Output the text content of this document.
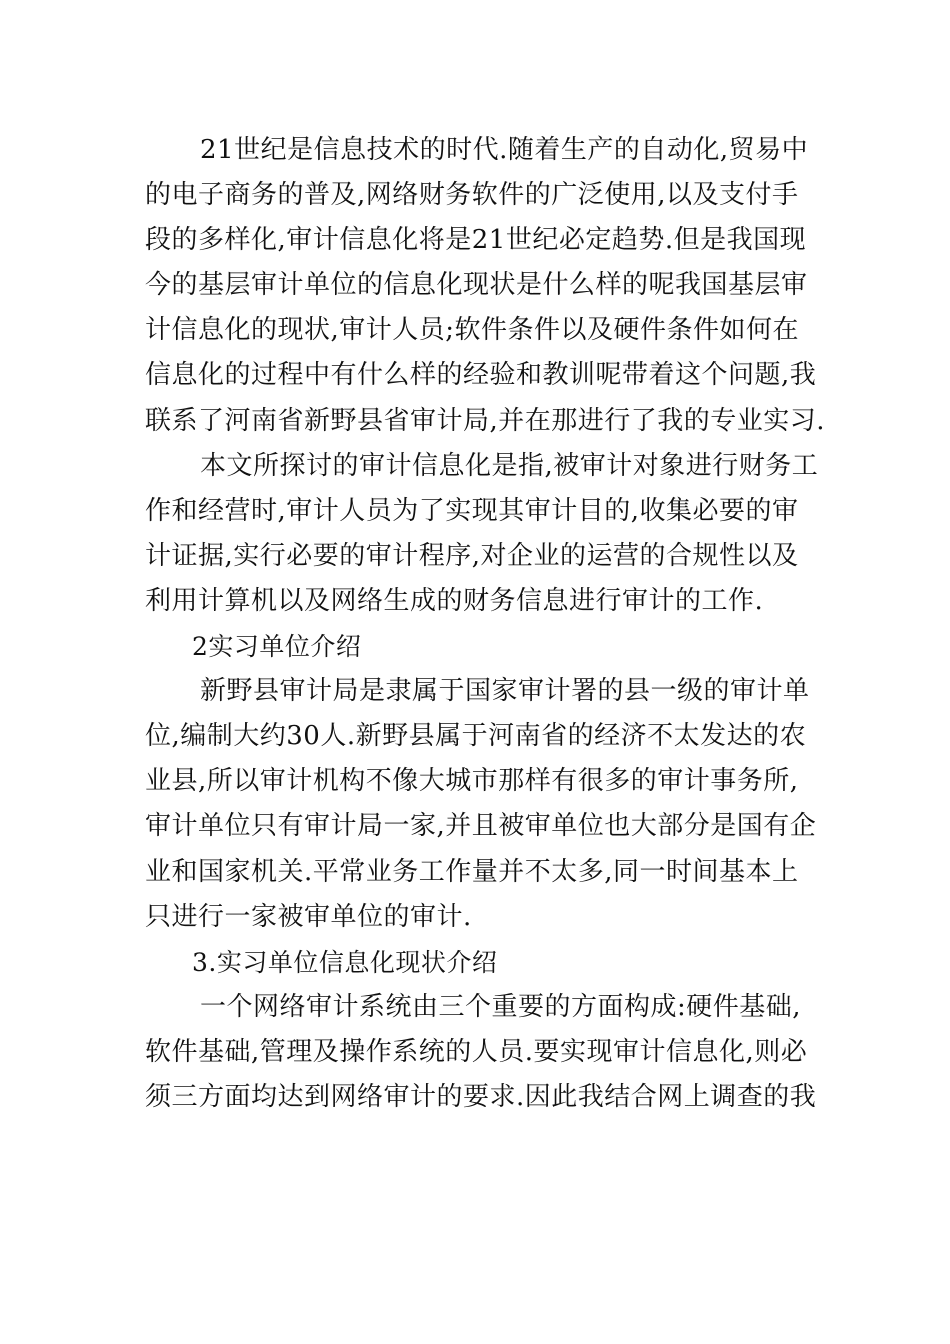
21世纪是信息技术的时代.随着生产的自动化,贸易中
的电子商务的普及,网络财务软件的广泛使用,以及支付手
段的多样化,审计信息化将是21世纪必定趋势.但是我国现
今的基层审计单位的信息化现状是什么样的呢我国基层审
计信息化的现状,审计人员;软件条件以及硬件条件如何在
信息化的过程中有什么样的经验和教训呢带着这个问题,我
联系了河南省新野县省审计局,并在那进行了我的专业实习.
本文所探讨的审计信息化是指,被审计对象进行财务工
作和经营时,审计人员为了实现其审计目的,收集必要的审
计证据,实行必要的审计程序,对企业的运营的合规性以及
利用计算机以及网络生成的财务信息进行审计的工作.
2实习单位介绍
新野县审计局是隶属于国家审计署的县一级的审计单
位,编制大约30人.新野县属于河南省的经济不太发达的农
业县,所以审计机构不像大城市那样有很多的审计事务所,
审计单位只有审计局一家,并且被审单位也大部分是国有企
业和国家机关.平常业务工作量并不太多,同一时间基本上
只进行一家被审单位的审计.
3.实习单位信息化现状介绍
一个网络审计系统由三个重要的方面构成:硬件基础,
软件基础,管理及操作系统的人员.要实现审计信息化,则必
须三方面均达到网络审计的要求.因此我结合网上调查的我
